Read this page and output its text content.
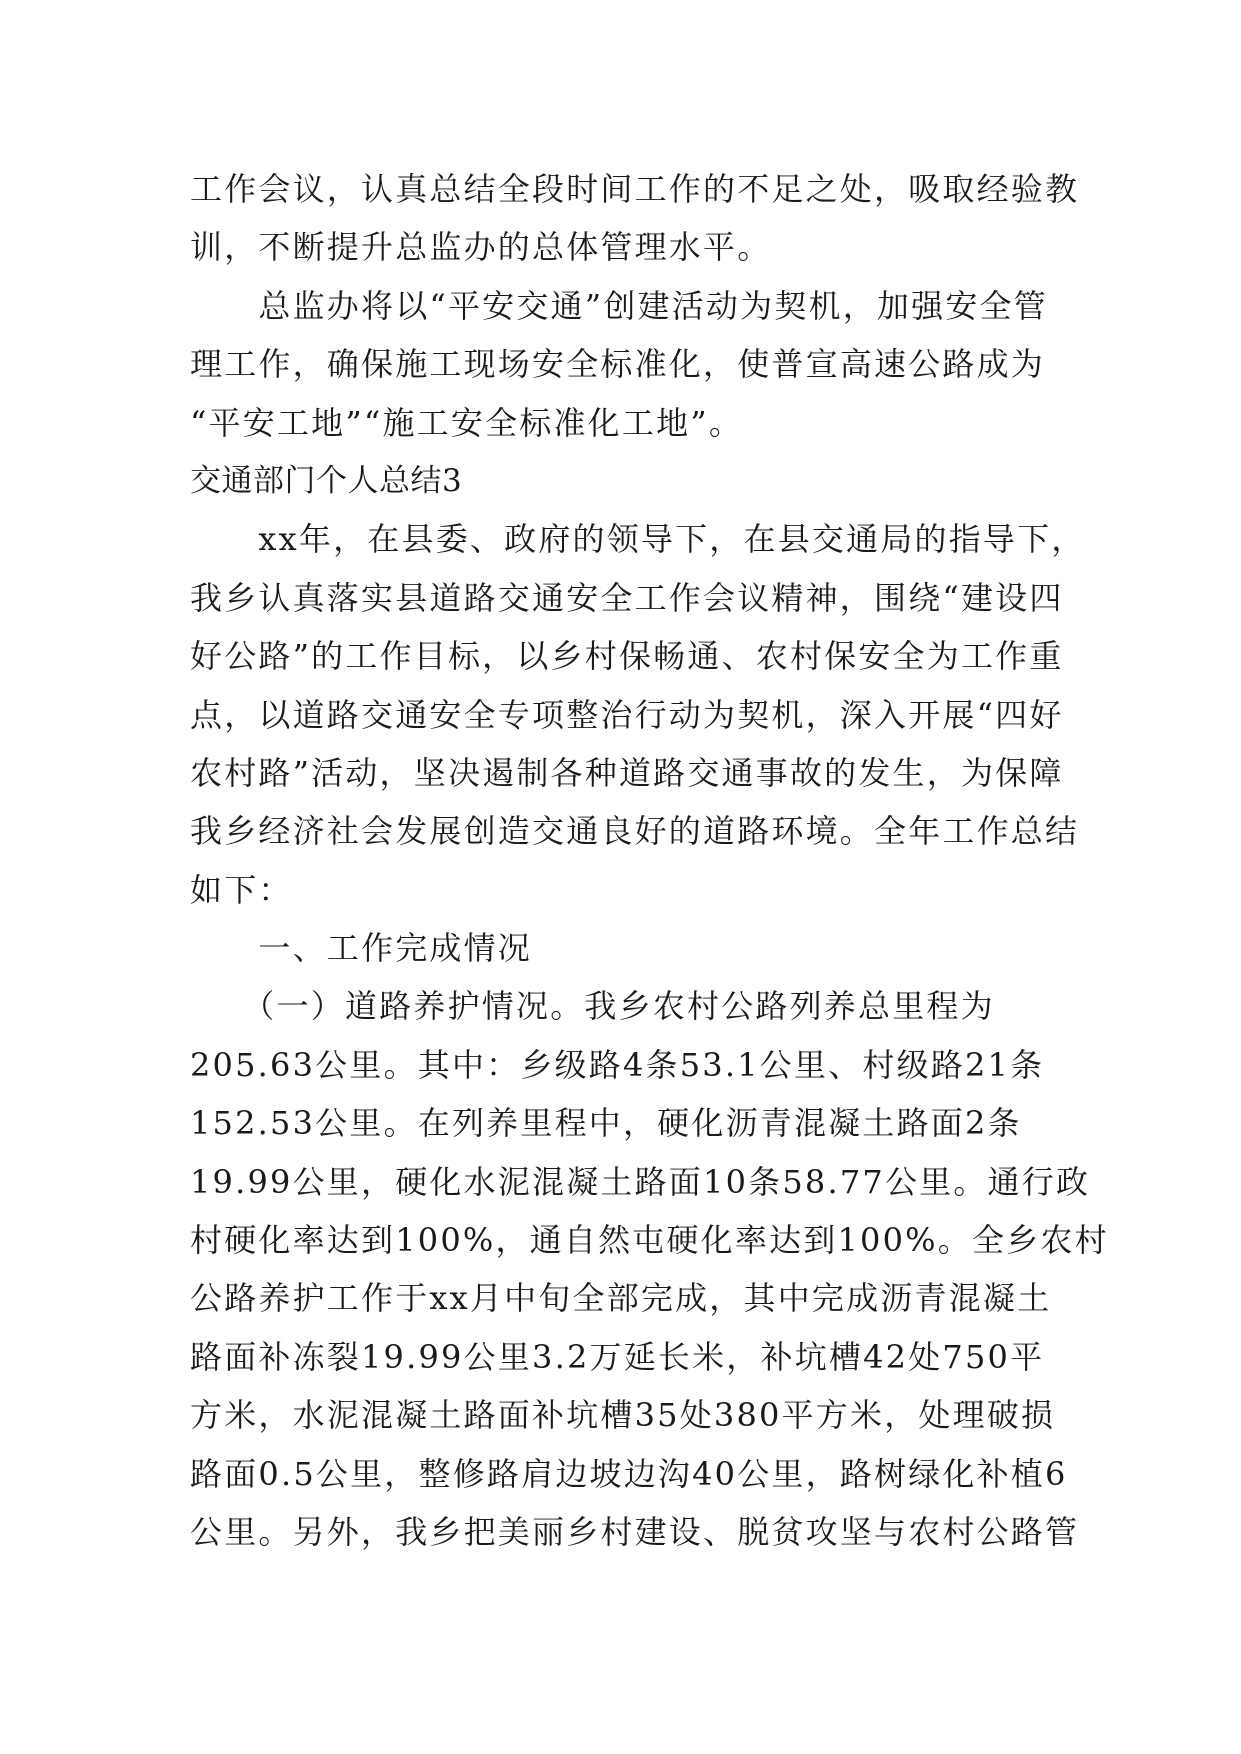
工作会议，认真总结全段时间工作的不足之处，吸取经验教
训，不断提升总监办的总体管理水平。
　　总监办将以“平安交通”创建活动为契机，加强安全管
理工作，确保施工现场安全标准化，使普宣高速公路成为
“平安工地”“施工安全标准化工地”。
交通部门个人总结3
　　xx年，在县委、政府的领导下，在县交通局的指导下，
我乡认真落实县道路交通安全工作会议精神，围绕“建设四
好公路”的工作目标，以乡村保畅通、农村保安全为工作重
点，以道路交通安全专项整治行动为契机，深入开展“四好
农村路”活动，坚决遏制各种道路交通事故的发生，为保障
我乡经济社会发展创造交通良好的道路环境。全年工作总结
如下：
　　一、工作完成情况
　　（一）道路养护情况。我乡农村公路列养总里程为
205.63公里。其中：乡级路4条53.1公里、村级路21条
152.53公里。在列养里程中，硬化沥青混凝土路面2条
19.99公里，硬化水泥混凝土路面10条58.77公里。通行政
村硬化率达到100%，通自然屯硬化率达到100%。全乡农村
公路养护工作于xx月中旬全部完成，其中完成沥青混凝土
路面补冻裂19.99公里3.2万延长米，补坑槽42处750平
方米，水泥混凝土路面补坑槽35处380平方米，处理破损
路面0.5公里，整修路肩边坡边沟40公里，路树绿化补植6
公里。另外，我乡把美丽乡村建设、脱贫攻坚与农村公路管
